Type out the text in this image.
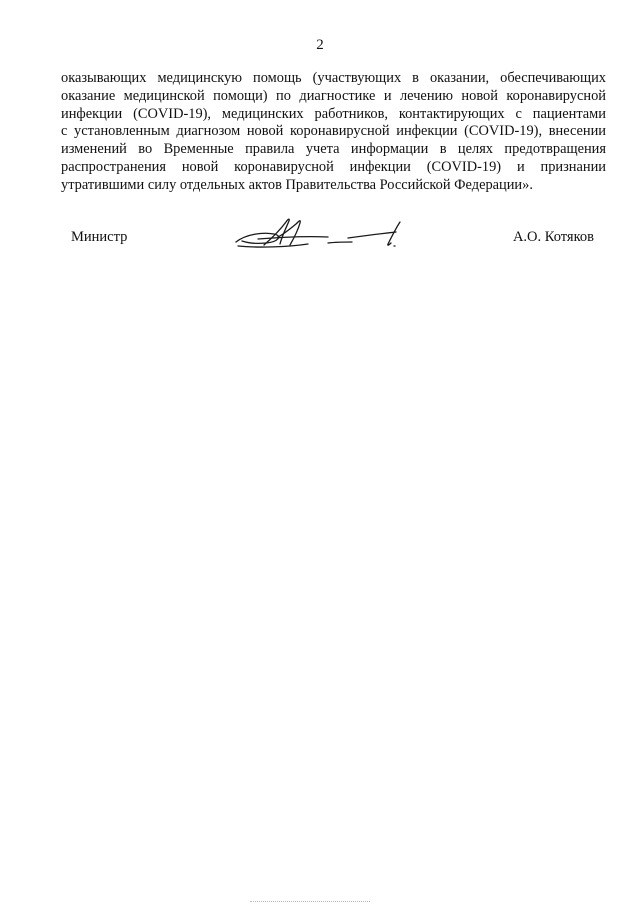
2
оказывающих медицинскую помощь (участвующих в оказании, обеспечивающих
оказание медицинской помощи) по диагностике и лечению новой коронавирусной
инфекции (COVID-19), медицинских работников, контактирующих с пациентами
с установленным диагнозом новой коронавирусной инфекции (COVID-19), внесении
изменений во Временные правила учета информации в целях предотвращения
распространения новой коронавирусной инфекции (COVID-19) и признании
утратившими силу отдельных актов Правительства Российской Федерации».
Министр	А.О. Котяков
